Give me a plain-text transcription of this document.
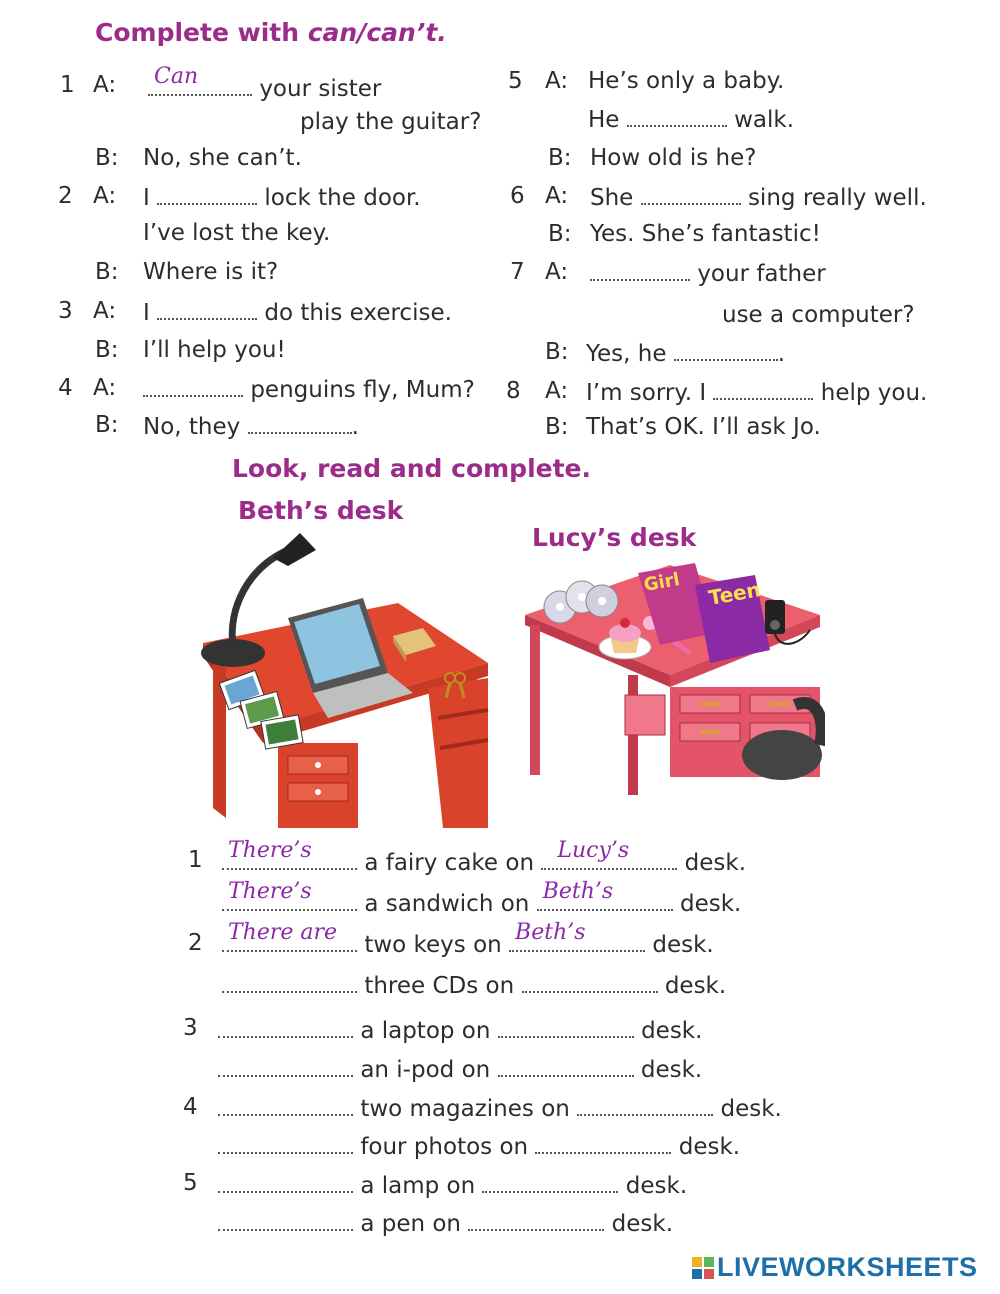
Complete with can/can’t.
1 A: Can	your sister
play the guitar?
B: No, she can’t.
2 A: I	lock the door.
I’ve lost the key.
B: Where is it?
3 A: I	do this exercise.
B: I’ll help you!
4 A:	penguins fly, Mum?
B: No, they	.
5 A: He’s only a baby.
He	walk.
B: How old is he?
6 A: She	sing really well.
B: Yes. She’s fantastic!
7 A:	your father
use a computer?
B: Yes, he	.
8 A: I’m sorry. I	help you.
B: That’s OK. I’ll ask Jo.
Look, read and complete.
Beth’s desk
Lucy’s desk
Girl Teen
1 There’s a fairy cake on Lucy’s desk.
There’s a sandwich on Beth’s	desk.
2 There are two keys on Beth’s	desk.
three CDs on	desk.
3	a laptop on	desk.
an i-pod on	desk.
4	two magazines on	desk.
four photos on	desk.
5	a lamp on	desk.
a pen on	desk.
LIVEWORKSHEETS
